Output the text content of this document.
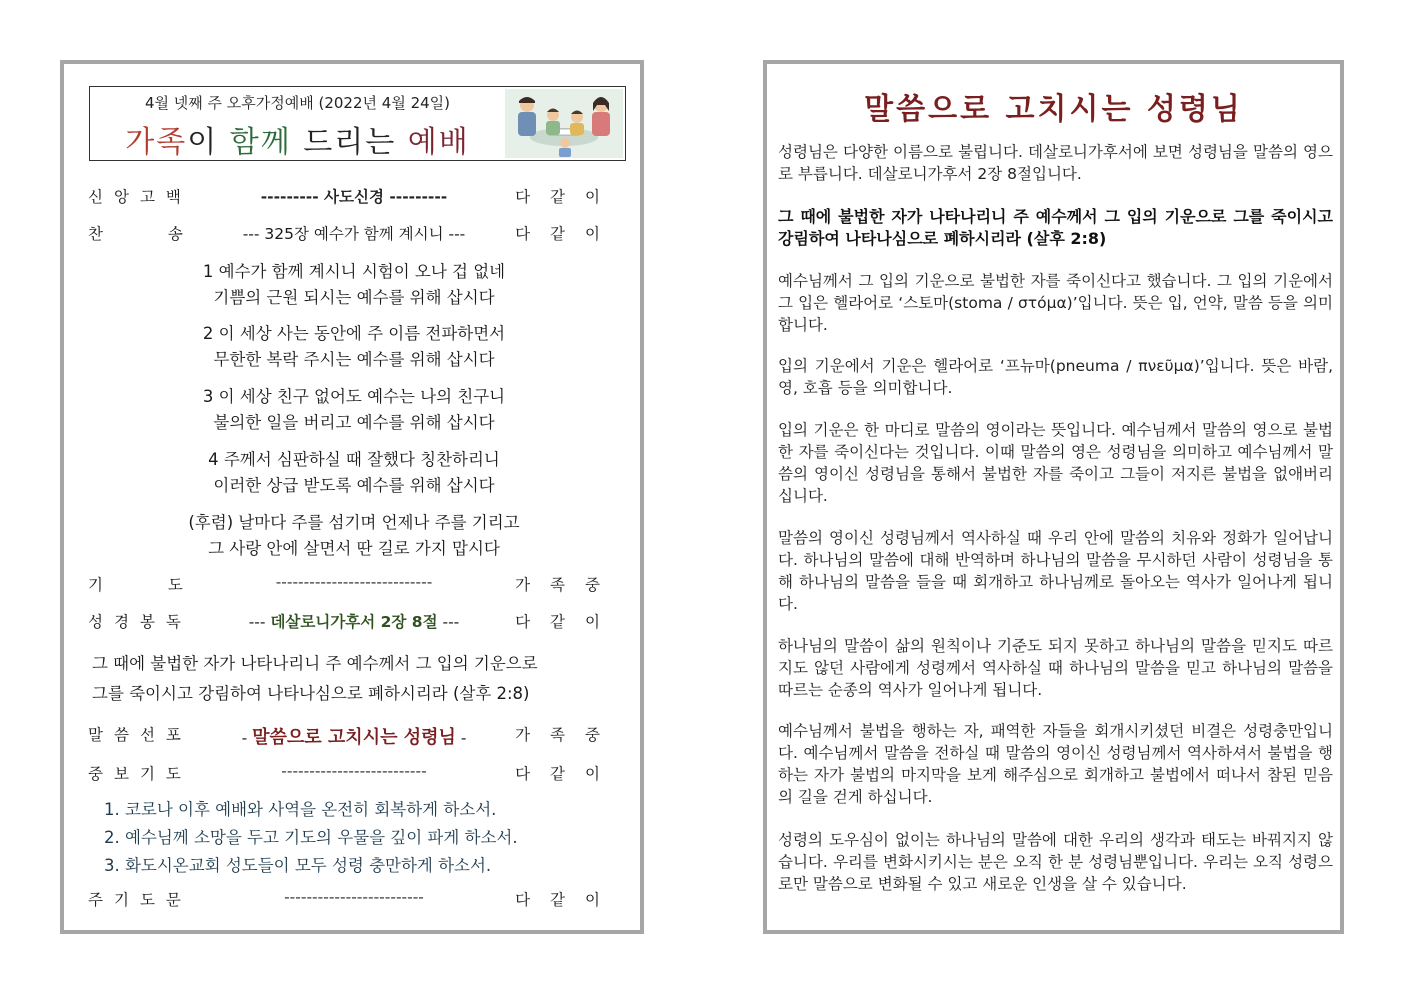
4월 넷째 주 오후가정예배 (2022년 4월 24일)
가족이 함께 드리는 예배
신앙고백	--------- 사도신경 ---------	다같이
찬 송	--- 325장 예수가 함께 계시니 ---	다같이
1 예수가 함께 계시니 시험이 오나 겁 없네
기쁨의 근원 되시는 예수를 위해 삽시다
2 이 세상 사는 동안에 주 이름 전파하면서
무한한 복락 주시는 예수를 위해 삽시다
3 이 세상 친구 없어도 예수는 나의 친구니
불의한 일을 버리고 예수를 위해 삽시다
4 주께서 심판하실 때 잘했다 칭찬하리니
이러한 상급 받도록 예수를 위해 삽시다
(후렴) 날마다 주를 섬기며 언제나 주를 기리고
그 사랑 안에 살면서 딴 길로 가지 맙시다
기 도	----------------------------	가족중
성경봉독	--- 데살로니가후서 2장 8절 ---	다같이
그 때에 불법한 자가 나타나리니 주 예수께서 그 입의 기운으로
그를 죽이시고 강림하여 나타나심으로 폐하시리라 (살후 2:8)
말씀선포	- 말씀으로 고치시는 성령님 -	가족중
중보기도	--------------------------	다같이
1. 코로나 이후 예배와 사역을 온전히 회복하게 하소서.
2. 예수님께 소망을 두고 기도의 우물을 깊이 파게 하소서.
3. 화도시온교회 성도들이 모두 성령 충만하게 하소서.
주기도문	-------------------------	다같이
말씀으로 고치시는 성령님

성령님은 다양한 이름으로 불립니다. 데살로니가후서에 보면 성령님을 말씀의 영으로 부릅니다. 데살로니가후서 2장 8절입니다.

그 때에 불법한 자가 나타나리니 주 예수께서 그 입의 기운으로 그를 죽이시고 강림하여 나타나심으로 폐하시리라 (살후 2:8)

예수님께서 그 입의 기운으로 불법한 자를 죽이신다고 했습니다. 그 입의 기운에서 그 입은 헬라어로 ‘스토마(stoma / στόμα)’입니다. 뜻은 입, 언약, 말씀 등을 의미합니다.

입의 기운에서 기운은 헬라어로 ‘프뉴마(pneuma / πνεῦμα)’입니다. 뜻은 바람, 영, 호흡 등을 의미합니다.

입의 기운은 한 마디로 말씀의 영이라는 뜻입니다. 예수님께서 말씀의 영으로 불법한 자를 죽이신다는 것입니다. 이때 말씀의 영은 성령님을 의미하고 예수님께서 말씀의 영이신 성령님을 통해서 불법한 자를 죽이고 그들이 저지른 불법을 없애버리십니다.

말씀의 영이신 성령님께서 역사하실 때 우리 안에 말씀의 치유와 정화가 일어납니다. 하나님의 말씀에 대해 반역하며 하나님의 말씀을 무시하던 사람이 성령님을 통해 하나님의 말씀을 들을 때 회개하고 하나님께로 돌아오는 역사가 일어나게 됩니다.

하나님의 말씀이 삶의 원칙이나 기준도 되지 못하고 하나님의 말씀을 믿지도 따르지도 않던 사람에게 성령께서 역사하실 때 하나님의 말씀을 믿고 하나님의 말씀을 따르는 순종의 역사가 일어나게 됩니다.

예수님께서 불법을 행하는 자, 패역한 자들을 회개시키셨던 비결은 성령충만입니다. 예수님께서 말씀을 전하실 때 말씀의 영이신 성령님께서 역사하셔서 불법을 행하는 자가 불법의 마지막을 보게 해주심으로 회개하고 불법에서 떠나서 참된 믿음의 길을 걷게 하십니다.

성령의 도우심이 없이는 하나님의 말씀에 대한 우리의 생각과 태도는 바꿔지지 않습니다. 우리를 변화시키시는 분은 오직 한 분 성령님뿐입니다. 우리는 오직 성령으로만 말씀으로 변화될 수 있고 새로운 인생을 살 수 있습니다.
